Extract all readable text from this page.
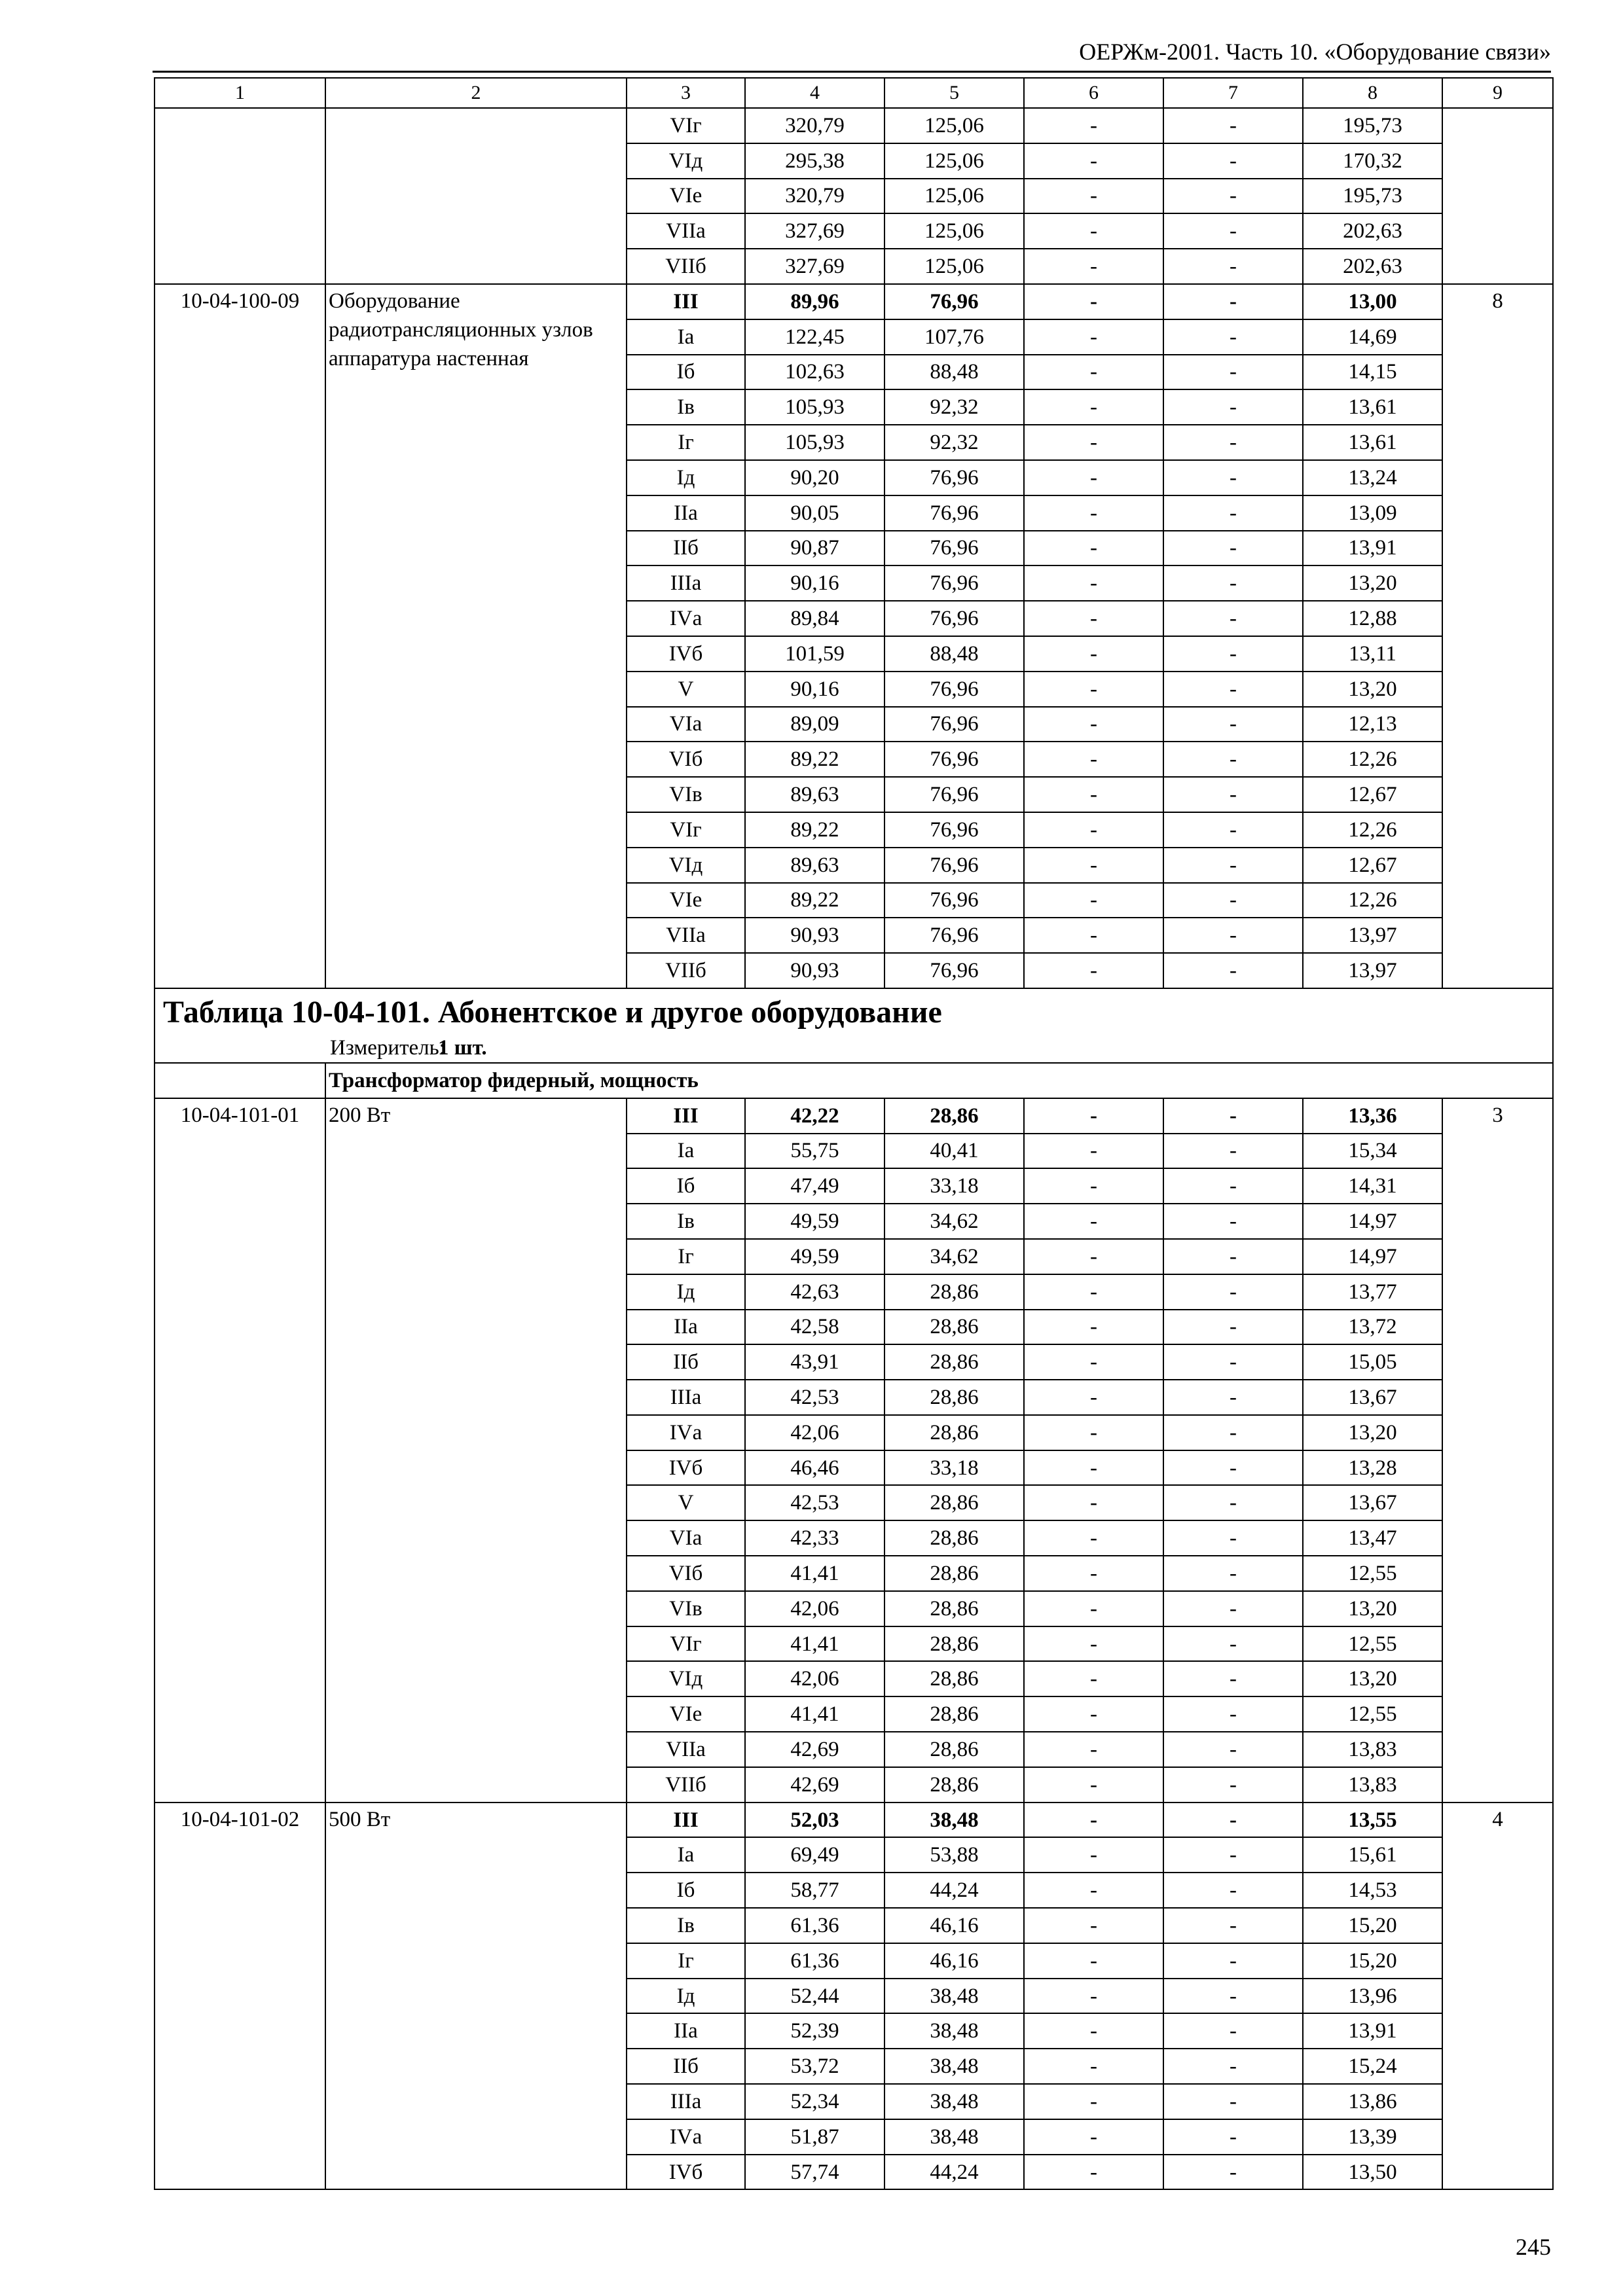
ОЕРЖм-2001. Часть 10. «Оборудование связи»
1	2	3	4	5	6	7	8	9
		VIг	320,79	125,06	-	-	195,73	
		VIд	295,38	125,06	-	-	170,32	
		VIе	320,79	125,06	-	-	195,73	
		VIIа	327,69	125,06	-	-	202,63	
		VIIб	327,69	125,06	-	-	202,63	
10-04-100-09	Оборудование радиотрансляционных узлов аппаратура настенная	III	89,96	76,96	-	-	13,00	8
		Iа	122,45	107,76	-	-	14,69	
		Iб	102,63	88,48	-	-	14,15	
		Iв	105,93	92,32	-	-	13,61	
		Iг	105,93	92,32	-	-	13,61	
		Iд	90,20	76,96	-	-	13,24	
		IIа	90,05	76,96	-	-	13,09	
		IIб	90,87	76,96	-	-	13,91	
		IIIа	90,16	76,96	-	-	13,20	
		IVа	89,84	76,96	-	-	12,88	
		IVб	101,59	88,48	-	-	13,11	
		V	90,16	76,96	-	-	13,20	
		VIа	89,09	76,96	-	-	12,13	
		VIб	89,22	76,96	-	-	12,26	
		VIв	89,63	76,96	-	-	12,67	
		VIг	89,22	76,96	-	-	12,26	
		VIд	89,63	76,96	-	-	12,67	
		VIе	89,22	76,96	-	-	12,26	
		VIIа	90,93	76,96	-	-	13,97	
		VIIб	90,93	76,96	-	-	13,97	

Таблица 10-04-101. Абонентское и другое оборудование
Измеритель:1 шт.								

	Трансформатор фидерный, мощность							
10-04-101-01	200 Вт	III	42,22	28,86	-	-	13,36	3
		Iа	55,75	40,41	-	-	15,34	
		Iб	47,49	33,18	-	-	14,31	
		Iв	49,59	34,62	-	-	14,97	
		Iг	49,59	34,62	-	-	14,97	
		Iд	42,63	28,86	-	-	13,77	
		IIа	42,58	28,86	-	-	13,72	
		IIб	43,91	28,86	-	-	15,05	
		IIIа	42,53	28,86	-	-	13,67	
		IVа	42,06	28,86	-	-	13,20	
		IVб	46,46	33,18	-	-	13,28	
		V	42,53	28,86	-	-	13,67	
		VIа	42,33	28,86	-	-	13,47	
		VIб	41,41	28,86	-	-	12,55	
		VIв	42,06	28,86	-	-	13,20	
		VIг	41,41	28,86	-	-	12,55	
		VIд	42,06	28,86	-	-	13,20	
		VIе	41,41	28,86	-	-	12,55	
		VIIа	42,69	28,86	-	-	13,83	
		VIIб	42,69	28,86	-	-	13,83	
10-04-101-02	500 Вт	III	52,03	38,48	-	-	13,55	4
		Iа	69,49	53,88	-	-	15,61	
		Iб	58,77	44,24	-	-	14,53	
		Iв	61,36	46,16	-	-	15,20	
		Iг	61,36	46,16	-	-	15,20	
		Iд	52,44	38,48	-	-	13,96	
		IIа	52,39	38,48	-	-	13,91	
		IIб	53,72	38,48	-	-	15,24	
		IIIа	52,34	38,48	-	-	13,86	
		IVа	51,87	38,48	-	-	13,39	
		IVб	57,74	44,24	-	-	13,50	
245
